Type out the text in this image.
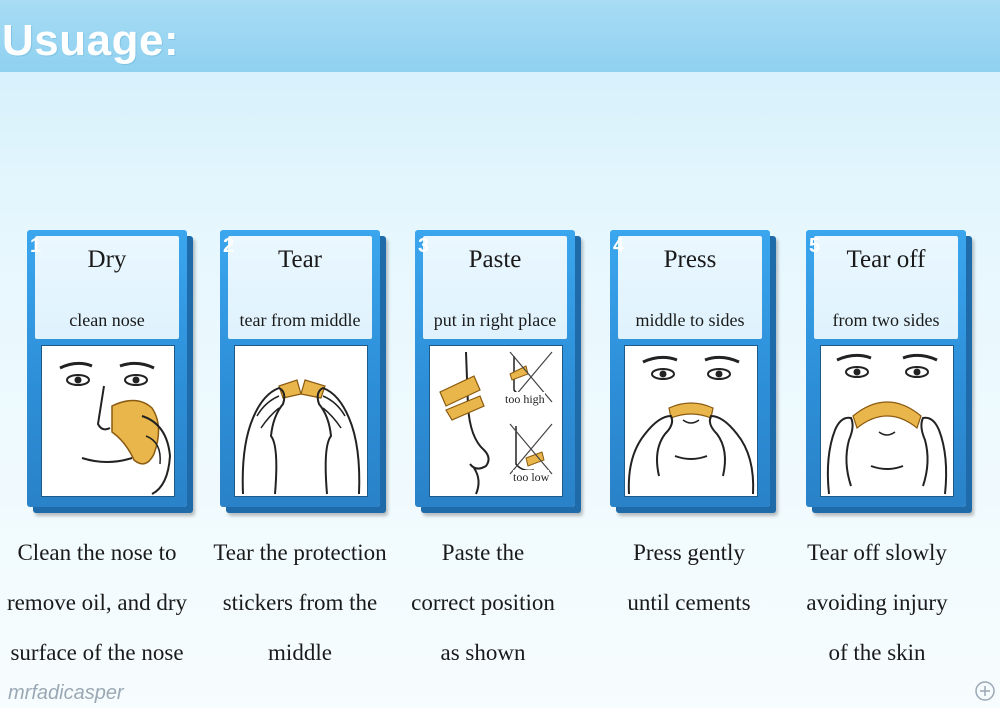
Usuage:
1	Dry
clean nose
2	Tear
tear from middle
3	Paste
put in right place
too high
too low
4	Press
middle to sides
5	Tear off
from two sides
Clean the nose to
remove oil, and dry
surface of the nose
Tear the protection
stickers from the
middle
Paste the
correct position
as shown
Press gently
until cements
Tear off slowly
avoiding injury
of the skin
mrfadicasper
